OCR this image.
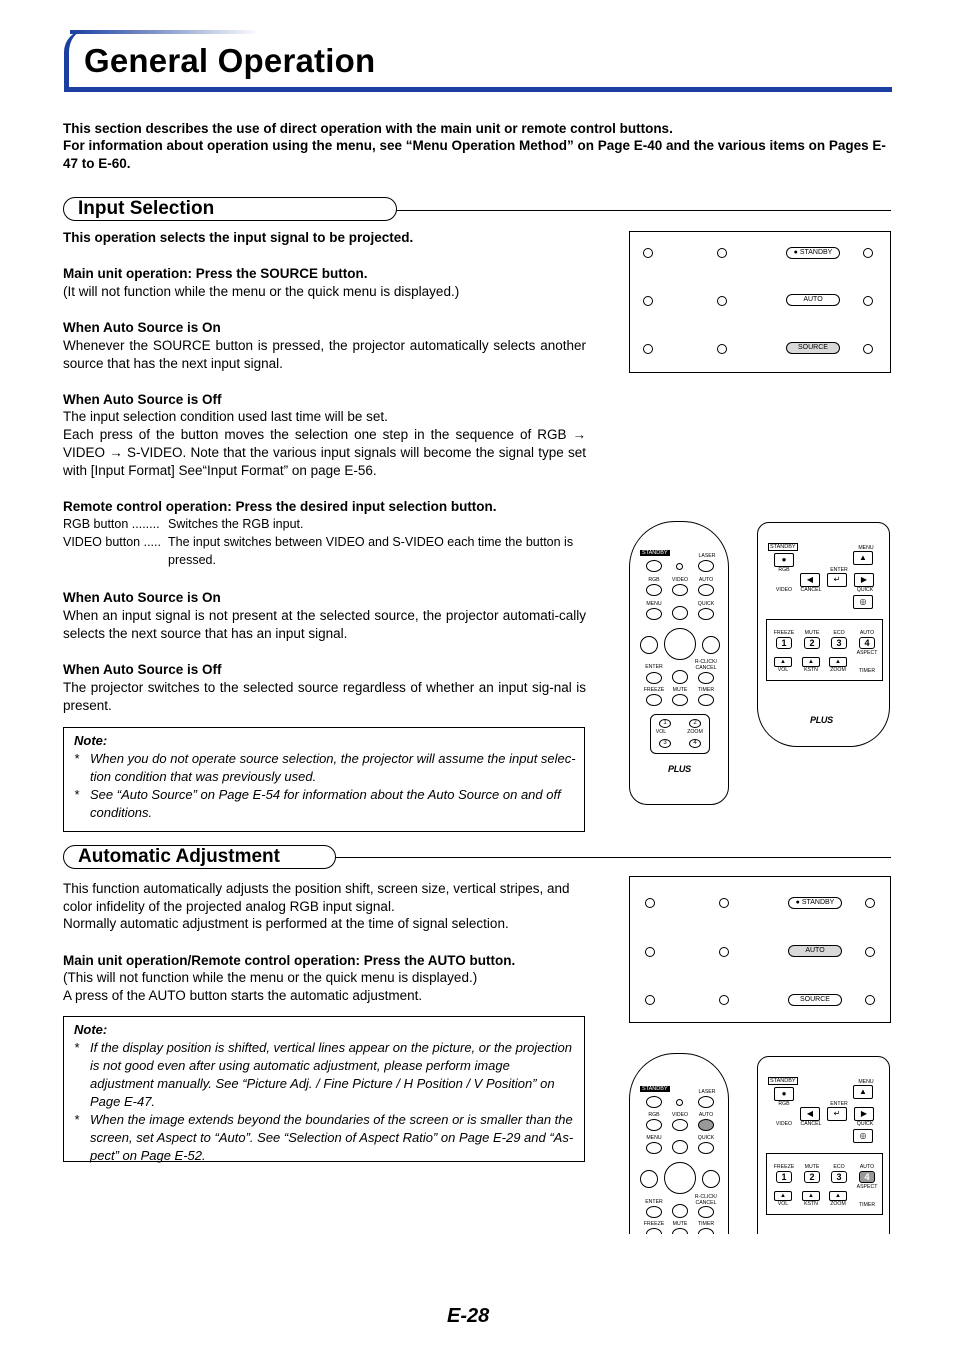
General Operation
This section describes the use of direct operation with the main unit or remote control buttons.
For information about operation using the menu, see “Menu Operation Method” on Page E-40 and the various items on Pages E-47 to E-60.
Input Selection
This operation selects the input signal to be projected.
Main unit operation: Press the SOURCE button.
(It will not function while the menu or the quick menu is displayed.)
When Auto Source is On
Whenever the SOURCE button is pressed, the projector automatically selects another source that has the next input signal.
When Auto Source is Off
The input selection condition used last time will be set.
Each press of the button moves the selection one step in the sequence of RGB → VIDEO → S-VIDEO. Note that the various input signals will become the signal type set with [Input Format] See“Input Format” on page E-56.
Remote control operation: Press the desired input selection button.
RGB button ........ Switches the RGB input.
VIDEO button ..... The input switches between VIDEO and S-VIDEO each time the button is pressed.
When Auto Source is On
When an input signal is not present at the selected source, the projector automati-cally selects the next source that has an input signal.
When Auto Source is Off
The projector switches to the selected source regardless of whether an input sig-nal is present.
Note:
* When you do not operate source selection, the projector will assume the input selec-tion condition that was previously used.
* See “Auto Source” on Page E-54 for information about the Auto Source on and off conditions.
● STANDBY
AUTO
SOURCE
STANDBY	LASER
RGB	VIDEO	AUTO
MENU	QUICK
ENTER
R-CLICK/ CANCEL
FREEZE	MUTE	TIMER
1	2
VOL	ZOOM
3	4
PLUS
STANDBY	MENU
●	▲
RGB	ENTER
◀	↵	▶
VIDEO	CANCEL	QUICK
◎
FREEZE	MUTE	ECO	AUTO
1	2	3	4
ASPECT
▲	▲	▲
VOL	KSTN	ZOOM	TIMER
PLUS
Automatic Adjustment
This function automatically adjusts the position shift, screen size, vertical stripes, and color infidelity of the projected analog RGB input signal.
Normally automatic adjustment is performed at the time of signal selection.
Main unit operation/Remote control operation: Press the AUTO button.
(This will not function while the menu or the quick menu is displayed.)
A press of the AUTO button starts the automatic adjustment.
Note:
* If the display position is shifted, vertical lines appear on the picture, or the projection is not good even after using automatic adjustment, please perform image adjustment manually. See “Picture Adj. / Fine Picture / H Position / V Position” on Page E-47.
* When the image extends beyond the boundaries of the screen or is smaller than the screen, set Aspect to “Auto”. See “Selection of Aspect Ratio” on Page E-29 and “As-pect” on Page E-52.
● STANDBY
AUTO
SOURCE
STANDBY	LASER
RGB	VIDEO	AUTO
MENU	QUICK
ENTER
R-CLICK/ CANCEL
FREEZE	MUTE	TIMER
STANDBY	MENU
●	▲
RGB	ENTER
◀	↵	▶
VIDEO	CANCEL	QUICK
◎
FREEZE	MUTE	ECO	AUTO
1	2	3	4
ASPECT
▲	▲	▲
VOL	KSTN	ZOOM	TIMER
E-28
